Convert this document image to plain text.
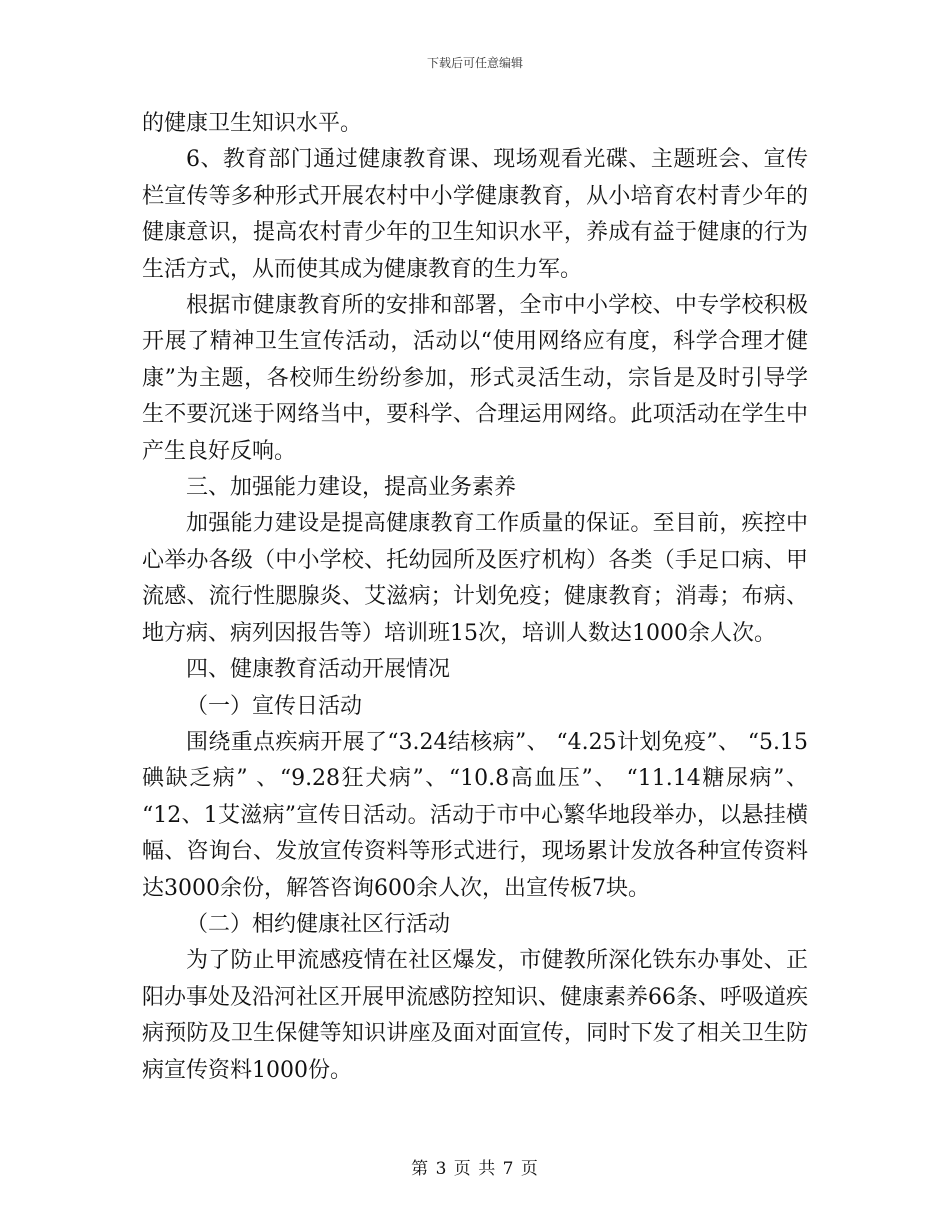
下载后可任意编辑

的健康卫生知识水平。

6、教育部门通过健康教育课、现场观看光碟、主题班会、宣传栏宣传等多种形式开展农村中小学健康教育，从小培育农村青少年的健康意识，提高农村青少年的卫生知识水平，养成有益于健康的行为生活方式，从而使其成为健康教育的生力军。

根据市健康教育所的安排和部署，全市中小学校、中专学校积极开展了精神卫生宣传活动，活动以“使用网络应有度，科学合理才健康”为主题，各校师生纷纷参加，形式灵活生动，宗旨是及时引导学生不要沉迷于网络当中，要科学、合理运用网络。此项活动在学生中产生良好反响。

三、加强能力建设，提高业务素养

加强能力建设是提高健康教育工作质量的保证。至目前，疾控中心举办各级（中小学校、托幼园所及医疗机构）各类（手足口病、甲流感、流行性腮腺炎、艾滋病；计划免疫；健康教育；消毒；布病、地方病、病列因报告等）培训班15次，培训人数达1000余人次。

四、健康教育活动开展情况

（一）宣传日活动

围绕重点疾病开展了“3.24结核病”、 “4.25计划免疫”、 “5.15碘缺乏病” 、“9.28狂犬病”、“10.8高血压”、 “11.14糖尿病”、 “12、1艾滋病”宣传日活动。活动于市中心繁华地段举办，以悬挂横幅、咨询台、发放宣传资料等形式进行，现场累计发放各种宣传资料达3000余份，解答咨询600余人次，出宣传板7块。

（二）相约健康社区行活动

为了防止甲流感疫情在社区爆发，市健教所深化铁东办事处、正阳办事处及沿河社区开展甲流感防控知识、健康素养66条、呼吸道疾病预防及卫生保健等知识讲座及面对面宣传，同时下发了相关卫生防病宣传资料1000份。

第 3 页 共 7 页
